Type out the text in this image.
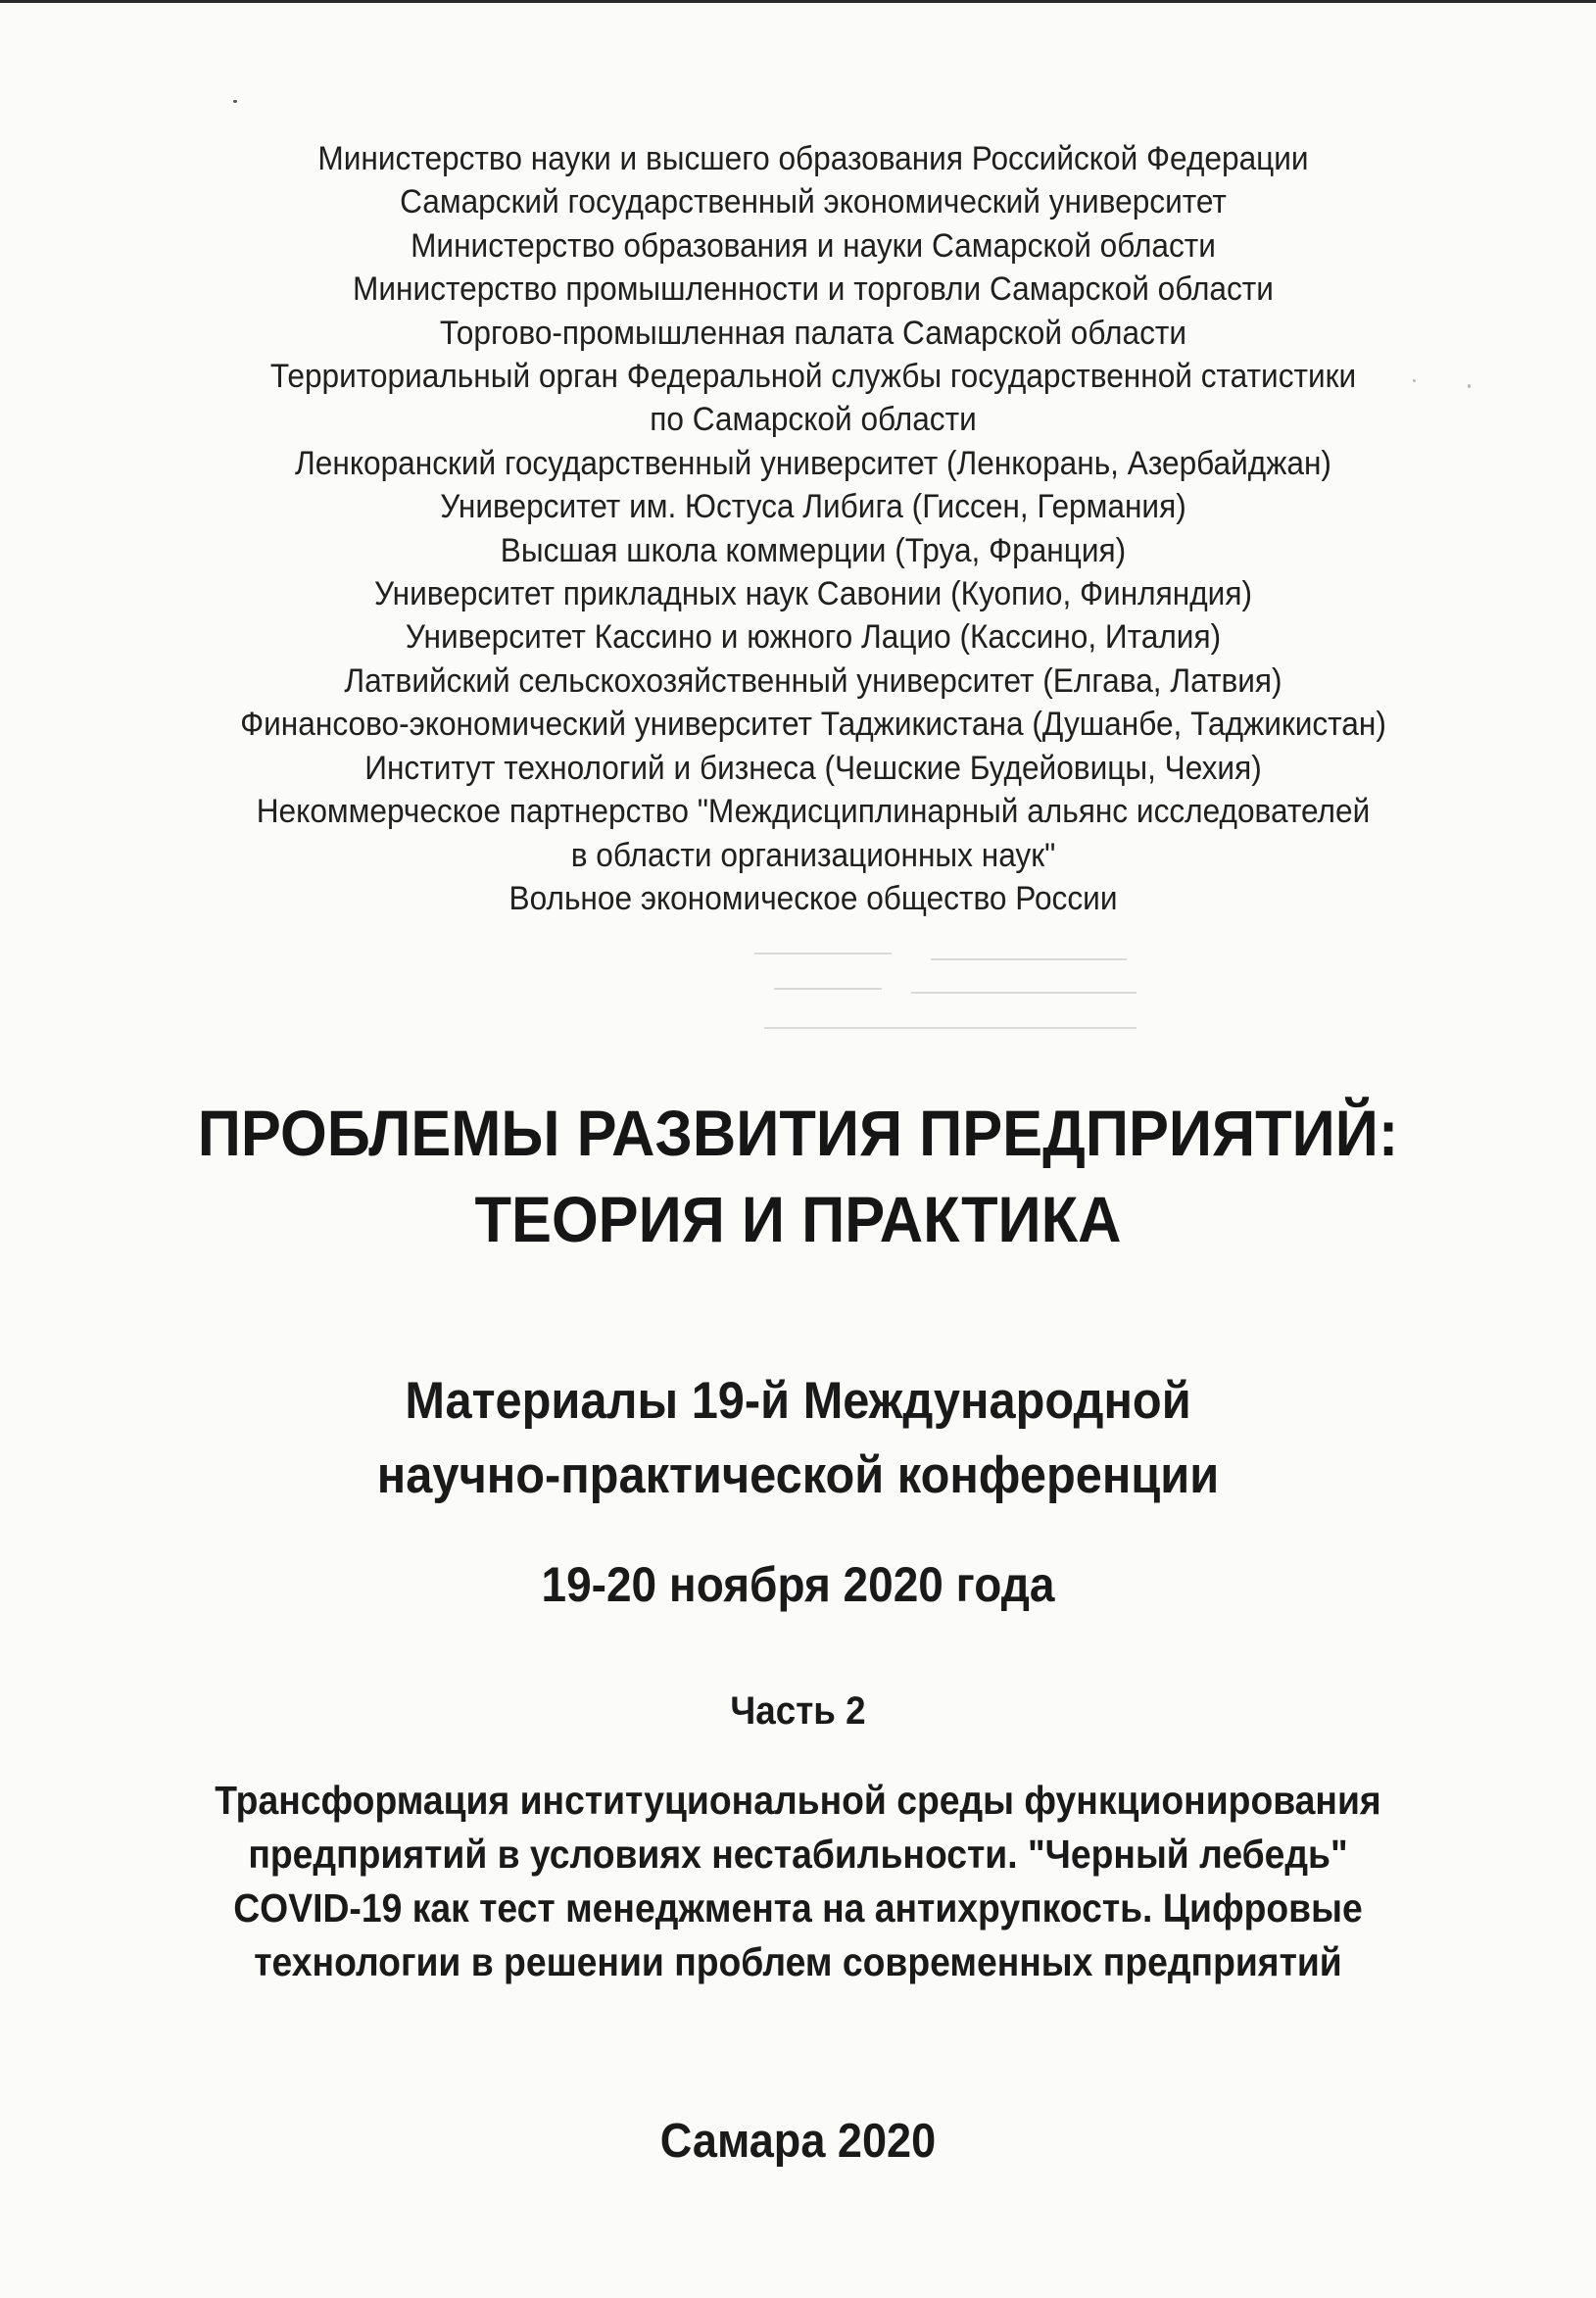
Министерство науки и высшего образования Российской Федерации
Самарский государственный экономический университет
Министерство образования и науки Самарской области
Министерство промышленности и торговли Самарской области
Торгово-промышленная палата Самарской области
Территориальный орган Федеральной службы государственной статистики
по Самарской области
Ленкоранский государственный университет (Ленкорань, Азербайджан)
Университет им. Юстуса Либига (Гиссен, Германия)
Высшая школа коммерции (Труа, Франция)
Университет прикладных наук Савонии (Куопио, Финляндия)
Университет Кассино и южного Лацио (Кассино, Италия)
Латвийский сельскохозяйственный университет (Елгава, Латвия)
Финансово-экономический университет Таджикистана (Душанбе, Таджикистан)
Институт технологий и бизнеса (Чешские Будейовицы, Чехия)
Некоммерческое партнерство "Междисциплинарный альянс исследователей
в области организационных наук"
Вольное экономическое общество России
ПРОБЛЕМЫ РАЗВИТИЯ ПРЕДПРИЯТИЙ:
ТЕОРИЯ И ПРАКТИКА
Материалы 19-й Международной
научно-практической конференции
19-20 ноября 2020 года
Часть 2
Трансформация институциональной среды функционирования
предприятий в условиях нестабильности. "Черный лебедь"
COVID-19 как тест менеджмента на антихрупкость. Цифровые
технологии в решении проблем современных предприятий
Самара 2020
